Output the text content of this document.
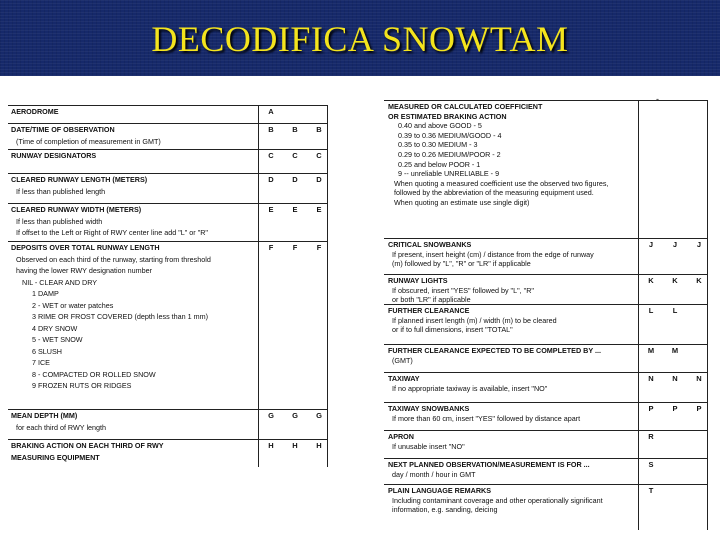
DECODIFICA SNOWTAM
AERODROME	A
DATE/TIME OF OBSERVATION
(Time of completion of measurement in GMT)
B	B	B
RUNWAY DESIGNATORS	C	C	C
CLEARED RUNWAY LENGTH (METERS)
If less than published length
D	D	D
CLEARED RUNWAY WIDTH (METERS)
If less than published width
If offset to the Left or Right of RWY center line add "L" or "R"
E	E	E
DEPOSITS OVER TOTAL RUNWAY LENGTH
Observed on each third of the runway, starting from threshold
having the lower RWY designation number
NIL - CLEAR AND DRY
1 DAMP
2 - WET or water patches
3 RIME OR FROST COVERED (depth less than 1 mm)
4 DRY SNOW
5 - WET SNOW
6 SLUSH
7 ICE
8 - COMPACTED OR ROLLED SNOW
9 FROZEN RUTS OR RIDGES
F	F	F
MEAN DEPTH (MM)
for each third of RWY length
G G G
BRAKING ACTION ON EACH THIRD OF RWY
MEASURING EQUIPMENT
H	H	H
MEASURED OR CALCULATED COEFFICIENT
OR ESTIMATED BRAKING ACTION
0.40 and above GOOD - 5
0.39 to 0.36 MEDIUM/GOOD - 4
0.35 to 0.30 MEDIUM - 3
0.29 to 0.26 MEDIUM/POOR - 2
0.25 and below POOR - 1
9 -- unreliable UNRELIABLE - 9
When quoting a measured coefficient use the observed two figures,
followed by the abbreviation of the measuring equipment used.
When quoting an estimate use single digit)
CRITICAL SNOWBANKS
If present, insert height (cm) / distance from the edge of runway
(m) followed by "L", "R" or "LR" if applicable
J	J	J
RUNWAY LIGHTS
If obscured, insert "YES" followed by "L", "R"
or both "LR" if applicable
K	K	K
FURTHER CLEARANCE
If planned insert length (m) / width (m) to be cleared
or if to full dimensions, insert "TOTAL"
L	L
FURTHER CLEARANCE EXPECTED TO BE COMPLETED BY ...
(GMT)
M M
TAXIWAY
If no appropriate taxiway is available, insert "NO"
N	N	N
TAXIWAY SNOWBANKS
If more than 60 cm, insert "YES" followed by distance apart
P	P	P
APRON
If unusable insert "NO"
R
NEXT PLANNED OBSERVATION/MEASUREMENT IS FOR ...
day / month / hour in GMT
S
PLAIN LANGUAGE REMARKS
Including contaminant coverage and other operationally significant
information, e.g. sanding, deicing
T
-
